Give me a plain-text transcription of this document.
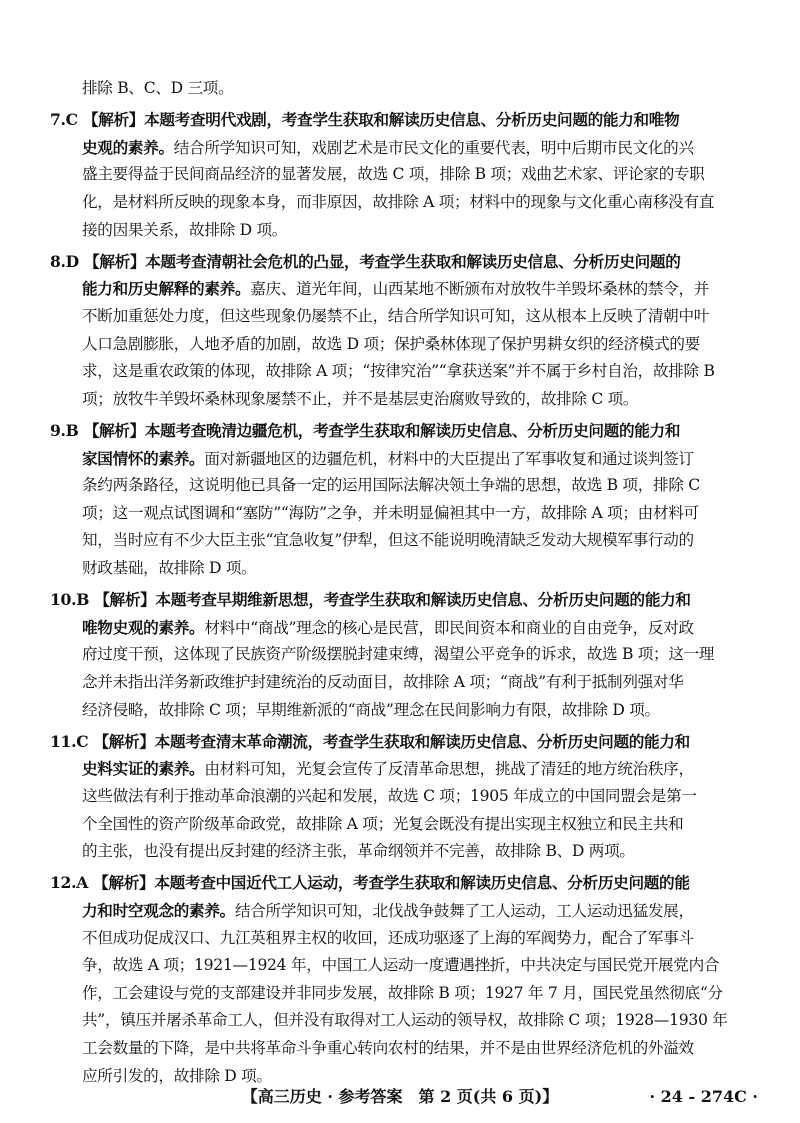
排除 B、C、D 三项。
7.C 【解析】本题考查明代戏剧，考查学生获取和解读历史信息、分析历史问题的能力和唯物
史观的素养。结合所学知识可知，戏剧艺术是市民文化的重要代表，明中后期市民文化的兴
盛主要得益于民间商品经济的显著发展，故选 C 项，排除 B 项；戏曲艺术家、评论家的专职
化，是材料所反映的现象本身，而非原因，故排除 A 项；材料中的现象与文化重心南移没有直
接的因果关系，故排除 D 项。
8.D 【解析】本题考查清朝社会危机的凸显，考查学生获取和解读历史信息、分析历史问题的
能力和历史解释的素养。嘉庆、道光年间，山西某地不断颁布对放牧牛羊毁坏桑林的禁令，并
不断加重惩处力度，但这些现象仍屡禁不止，结合所学知识可知，这从根本上反映了清朝中叶
人口急剧膨胀，人地矛盾的加剧，故选 D 项；保护桑林体现了保护男耕女织的经济模式的要
求，这是重农政策的体现，故排除 A 项；“按律究治”“拿获送案”并不属于乡村自治，故排除 B
项；放牧牛羊毁坏桑林现象屡禁不止，并不是基层吏治腐败导致的，故排除 C 项。
9.B 【解析】本题考查晚清边疆危机，考查学生获取和解读历史信息、分析历史问题的能力和
家国情怀的素养。面对新疆地区的边疆危机，材料中的大臣提出了军事收复和通过谈判签订
条约两条路径，这说明他已具备一定的运用国际法解决领土争端的思想，故选 B 项，排除 C
项；这一观点试图调和“塞防”“海防”之争，并未明显偏袒其中一方，故排除 A 项；由材料可
知，当时应有不少大臣主张“宜急收复”伊犁，但这不能说明晚清缺乏发动大规模军事行动的
财政基础，故排除 D 项。
10.B 【解析】本题考查早期维新思想，考查学生获取和解读历史信息、分析历史问题的能力和
唯物史观的素养。材料中“商战”理念的核心是民营，即民间资本和商业的自由竞争，反对政
府过度干预，这体现了民族资产阶级摆脱封建束缚，渴望公平竞争的诉求，故选 B 项；这一理
念并未指出洋务新政维护封建统治的反动面目，故排除 A 项；“商战”有利于抵制列强对华
经济侵略，故排除 C 项；早期维新派的“商战”理念在民间影响力有限，故排除 D 项。
11.C 【解析】本题考查清末革命潮流，考查学生获取和解读历史信息、分析历史问题的能力和
史料实证的素养。由材料可知，光复会宣传了反清革命思想，挑战了清廷的地方统治秩序，
这些做法有利于推动革命浪潮的兴起和发展，故选 C 项；1905 年成立的中国同盟会是第一
个全国性的资产阶级革命政党，故排除 A 项；光复会既没有提出实现主权独立和民主共和
的主张，也没有提出反封建的经济主张，革命纲领并不完善，故排除 B、D 两项。
12.A 【解析】本题考查中国近代工人运动，考查学生获取和解读历史信息、分析历史问题的能
力和时空观念的素养。结合所学知识可知，北伐战争鼓舞了工人运动，工人运动迅猛发展，
不但成功促成汉口、九江英租界主权的收回，还成功驱逐了上海的军阀势力，配合了军事斗
争，故选 A 项；1921—1924 年，中国工人运动一度遭遇挫折，中共决定与国民党开展党内合
作，工会建设与党的支部建设并非同步发展，故排除 B 项；1927 年 7 月，国民党虽然彻底“分
共”，镇压并屠杀革命工人，但并没有取得对工人运动的领导权，故排除 C 项；1928—1930 年
工会数量的下降，是中共将革命斗争重心转向农村的结果，并不是由世界经济危机的外溢效
应所引发的，故排除 D 项。
【高三历史 · 参考答案　第 2 页(共 6 页)】	· 24 - 274C ·
